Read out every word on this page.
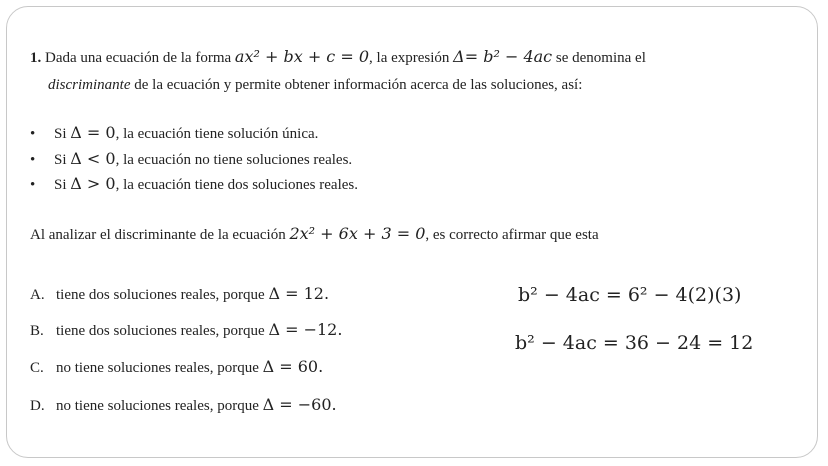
1. Dada una ecuación de la forma ax² + bx + c = 0, la expresión Δ= b² − 4ac se denomina el
discriminante de la ecuación y permite obtener información acerca de las soluciones, así:
• Si Δ = 0, la ecuación tiene solución única.
• Si Δ < 0, la ecuación no tiene soluciones reales.
• Si Δ > 0, la ecuación tiene dos soluciones reales.
Al analizar el discriminante de la ecuación 2x² + 6x + 3 = 0, es correcto afirmar que esta
A. tiene dos soluciones reales, porque Δ = 12.
B. tiene dos soluciones reales, porque Δ = −12.
C. no tiene soluciones reales, porque Δ = 60.
D. no tiene soluciones reales, porque Δ = −60.
b² − 4ac = 6² − 4(2)(3)
b² − 4ac = 36 − 24 = 12
